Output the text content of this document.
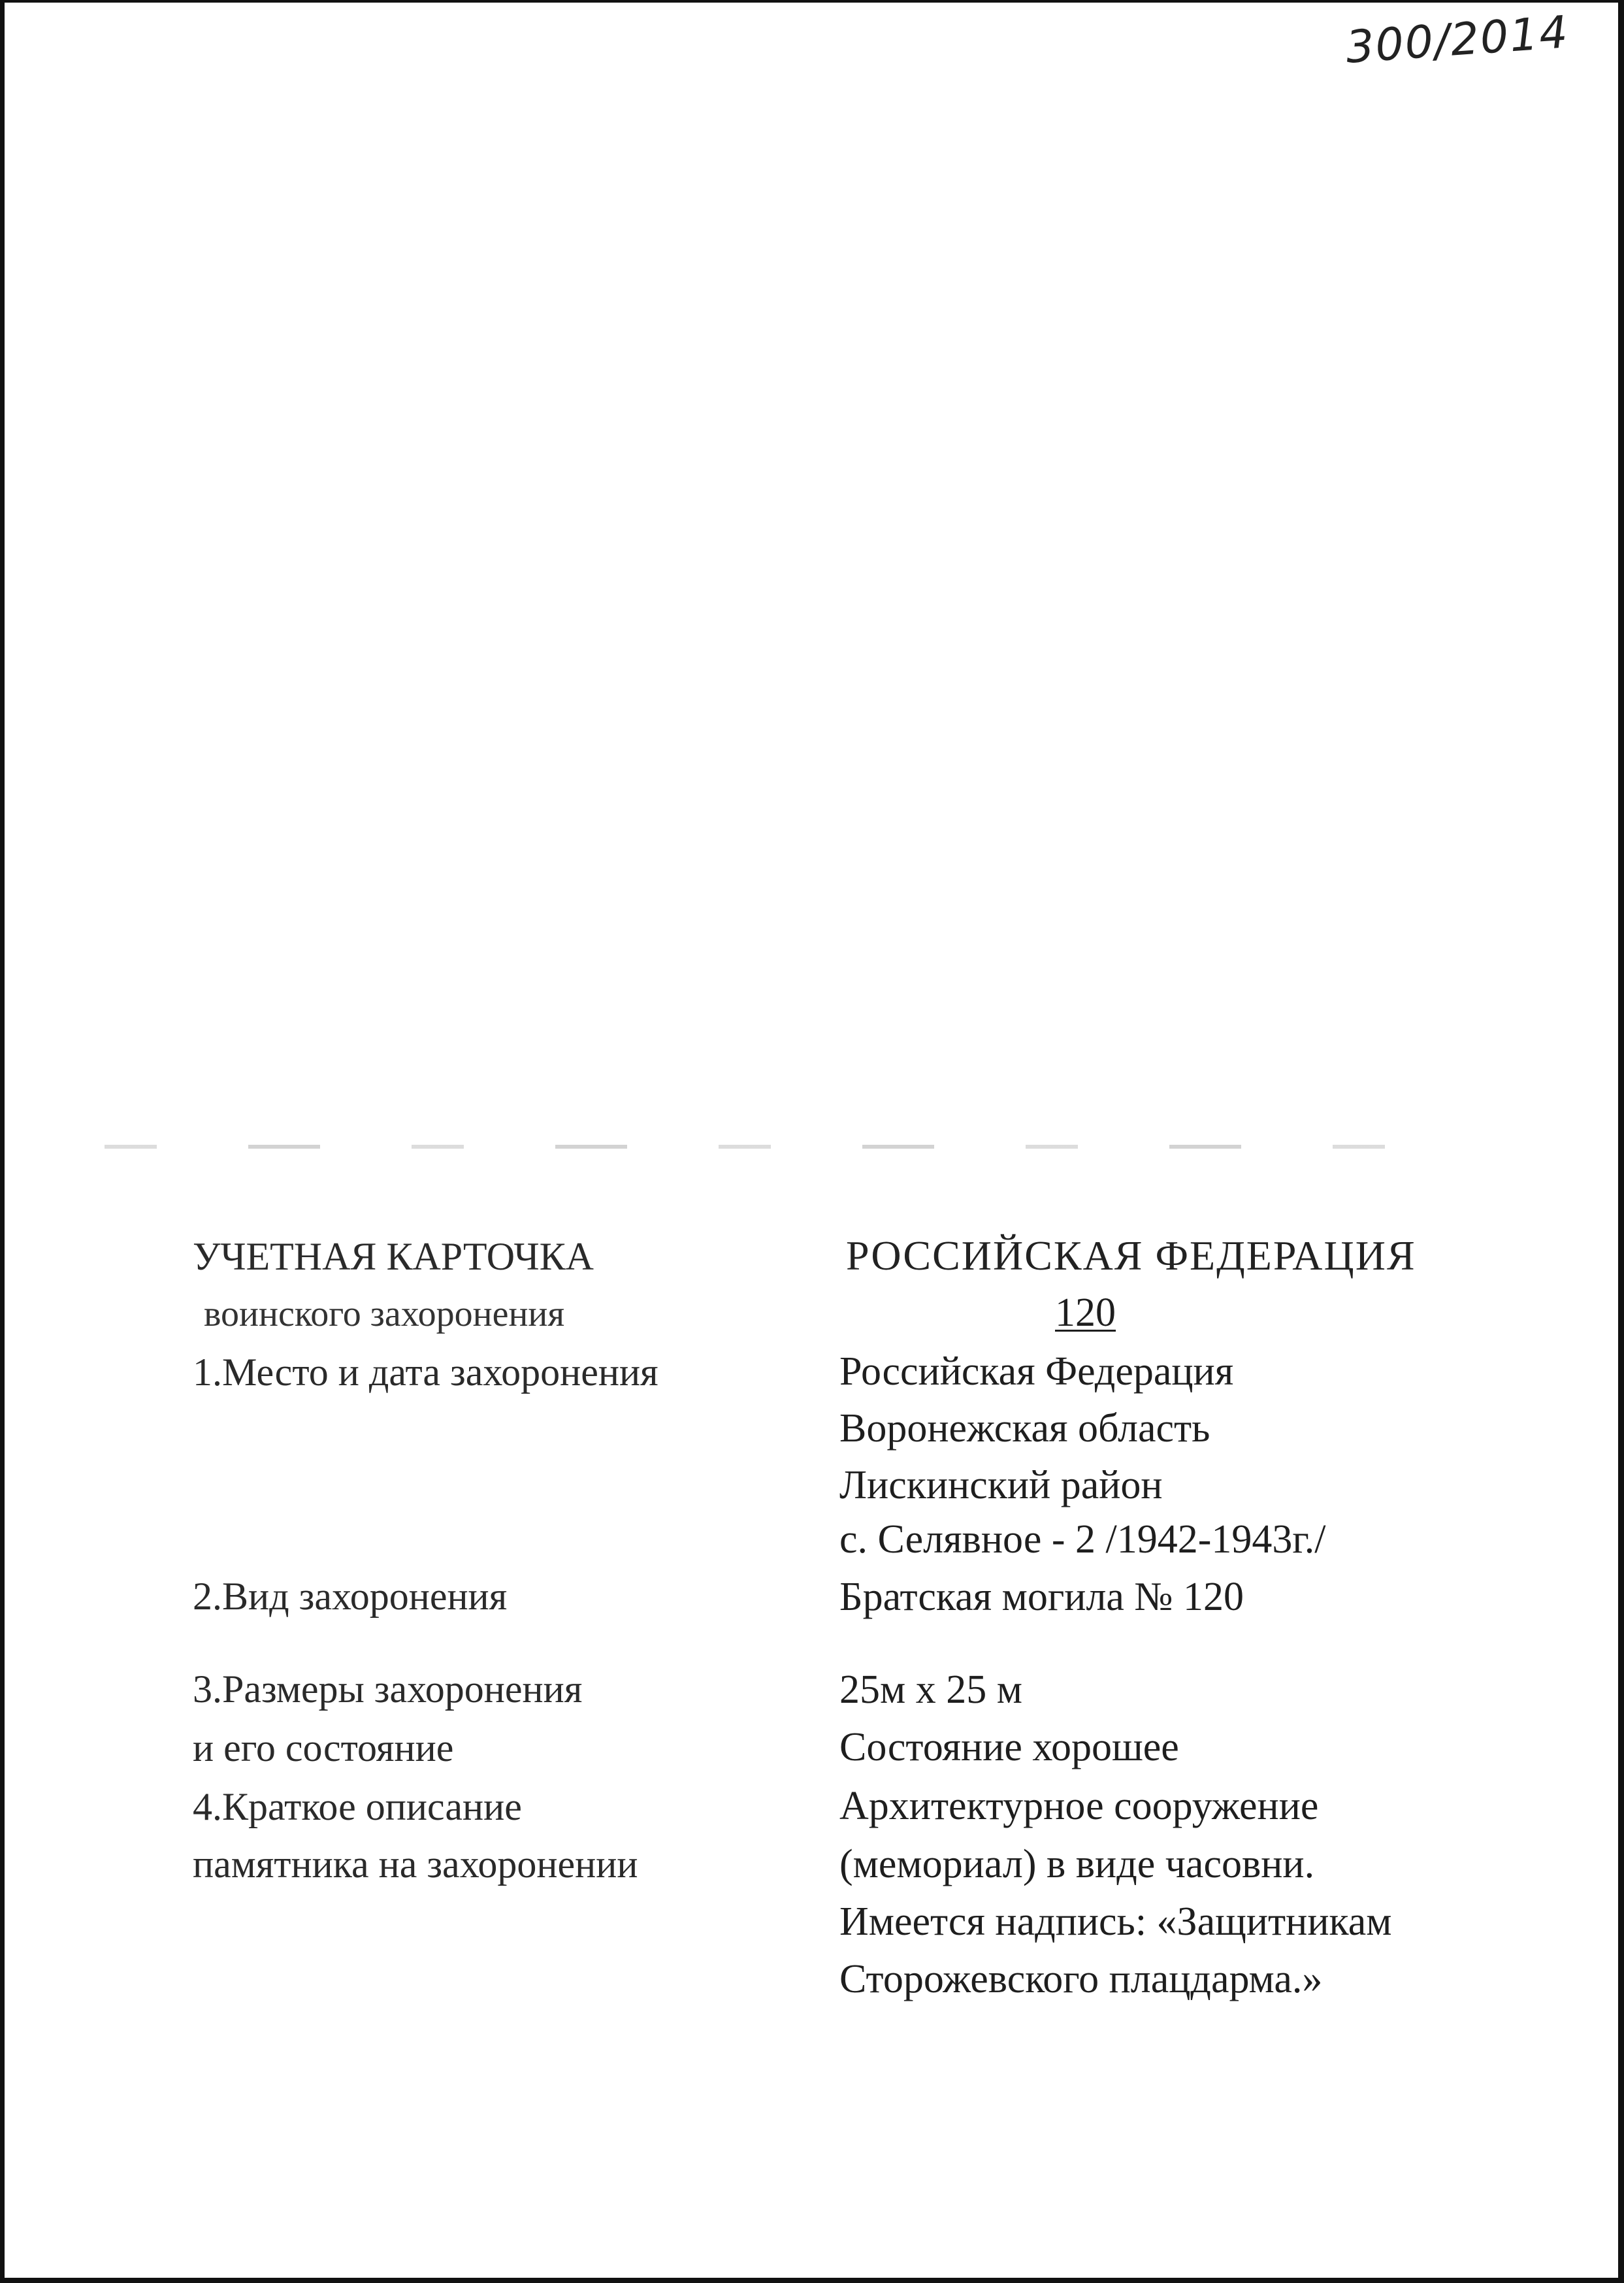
300/2014
УЧЕТНАЯ КАРТОЧКА
воинского захоронения
1.Место и дата захоронения
2.Вид захоронения
3.Размеры захоронения
и его состояние
4.Краткое описание
памятника на захоронении
РОССИЙСКАЯ ФЕДЕРАЦИЯ
120
Российская Федерация
Воронежская область
Лискинский район
с. Селявное - 2 /1942-1943г./
Братская могила № 120
25м х 25 м
Состояние хорошее
Архитектурное сооружение
(мемориал) в виде часовни.
Имеется надпись: «Защитникам
Сторожевского плацдарма.»
